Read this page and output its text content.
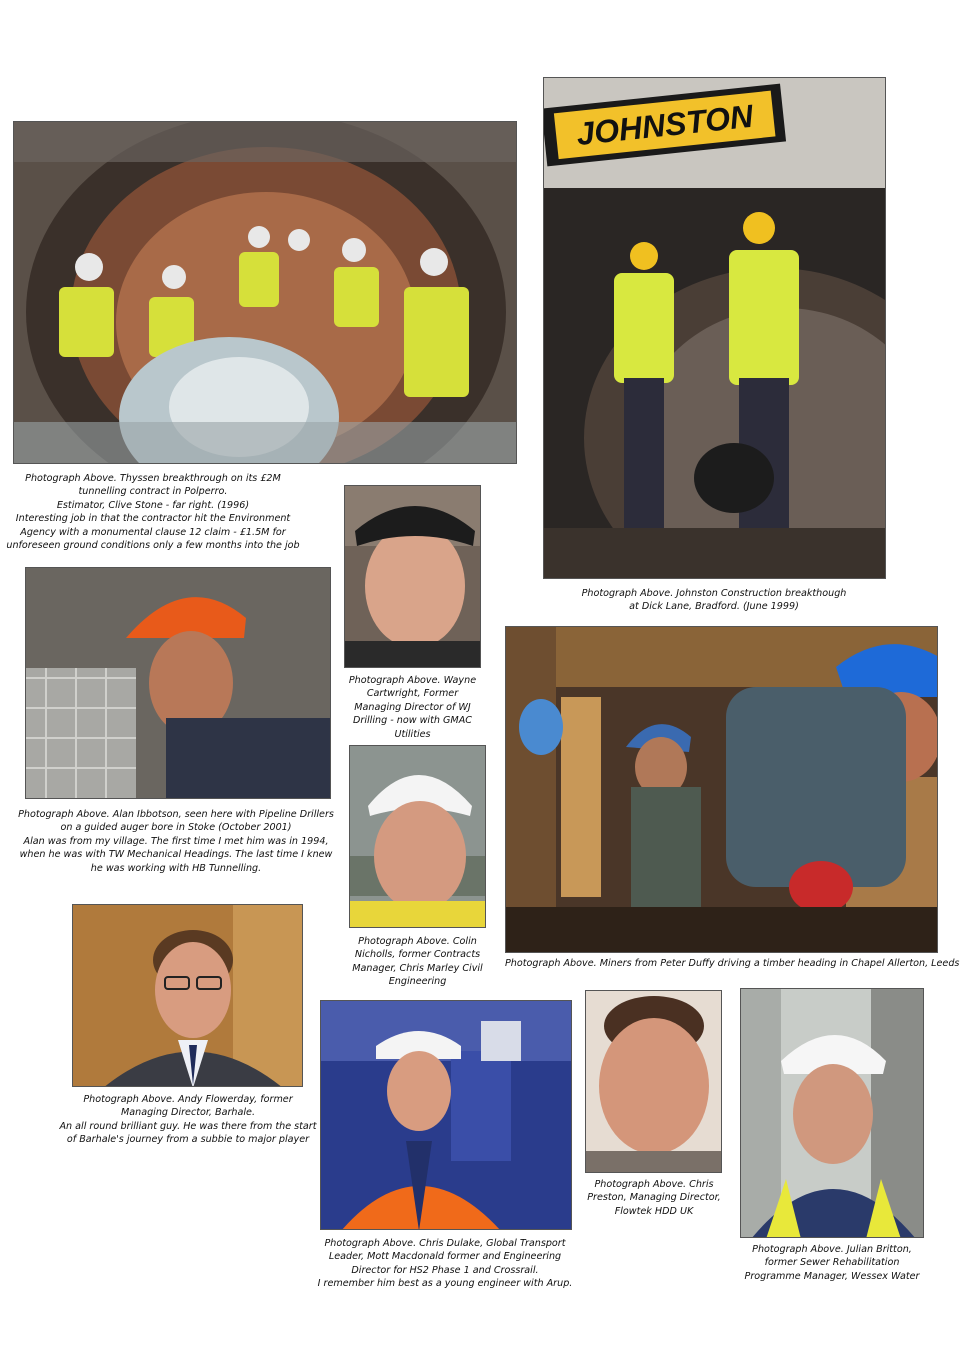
Photograph Above. Thyssen breakthrough on its £2M
tunnelling contract in Polperro.
Estimator, Clive Stone - far right. (1996)
Interesting job in that the contractor hit the Environment
Agency with a monumental clause 12 claim - £1.5M for
unforeseen ground conditions only a few months into the job
JOHNSTON
Photograph Above. Johnston Construction breakthough
at Dick Lane, Bradford. (June 1999)
Photograph Above. Wayne
Cartwright, Former
Managing Director of WJ
Drilling - now with GMAC
Utilities
Photograph Above. Alan Ibbotson, seen here with Pipeline Drillers
on a guided auger bore in Stoke (October 2001)
Alan was from my village. The first time I met him was in 1994,
when he was with TW Mechanical Headings. The last time I knew
he was working with HB Tunnelling.
Photograph Above. Colin
Nicholls, former Contracts
Manager, Chris Marley Civil
Engineering
Photograph Above. Miners from Peter Duffy driving a timber heading in Chapel Allerton, Leeds
Photograph Above. Andy Flowerday, former
Managing Director, Barhale.
An all round brilliant guy. He was there from the start
of Barhale's journey from a subbie to major player
Photograph Above. Chris Dulake, Global Transport
Leader, Mott Macdonald former and Engineering
Director for HS2 Phase 1 and Crossrail.
I remember him best as a young engineer with Arup.
Photograph Above. Chris
Preston, Managing Director,
Flowtek HDD UK
Photograph Above. Julian Britton,
former Sewer Rehabilitation
Programme Manager, Wessex Water
